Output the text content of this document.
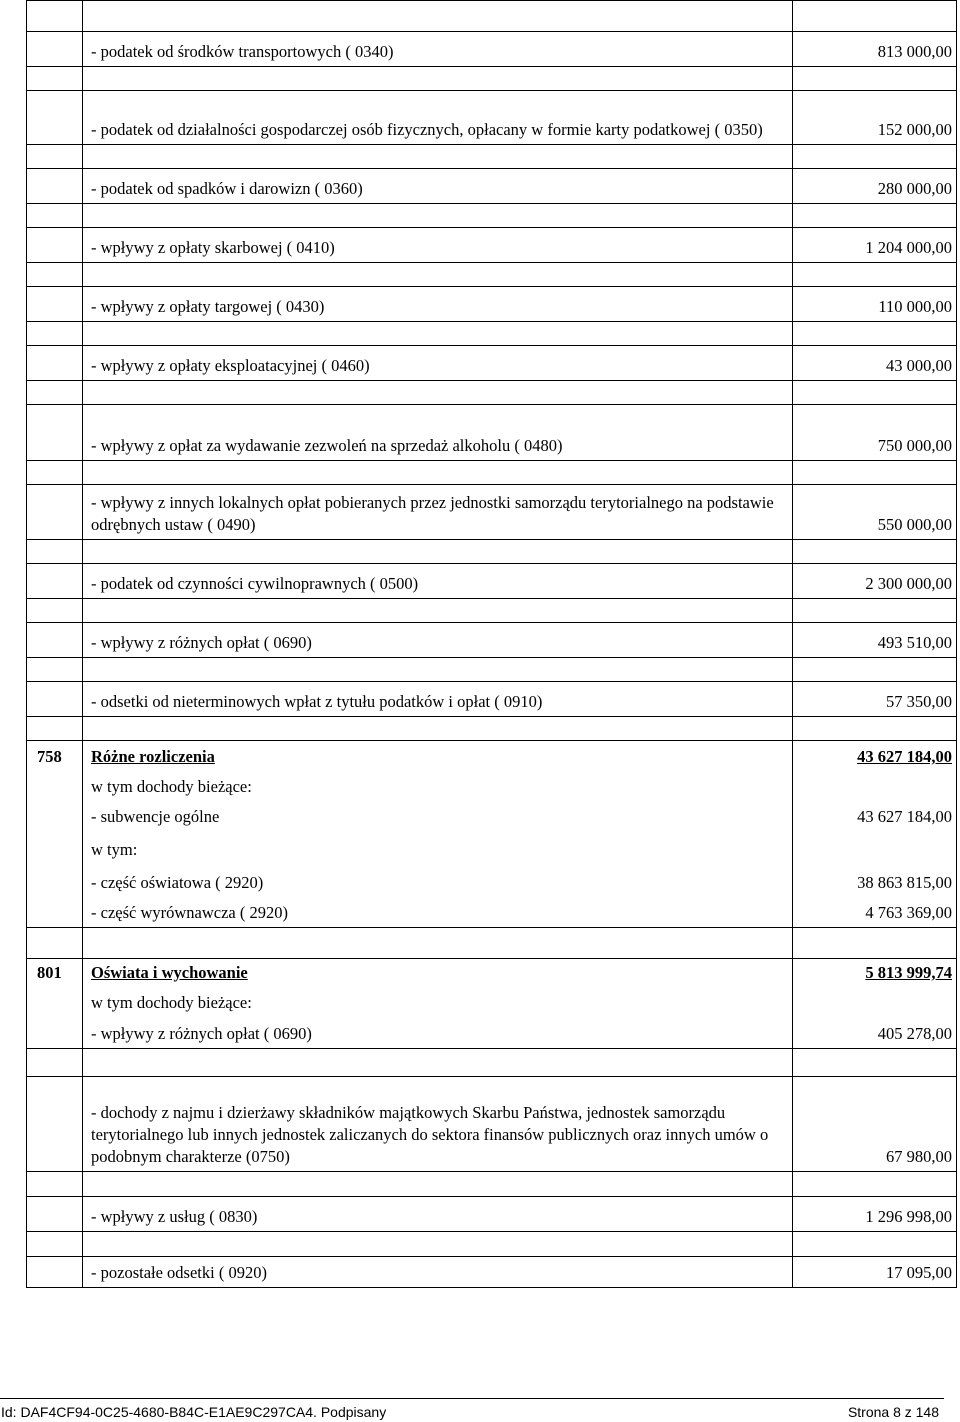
- podatek od środków transportowych ( 0340)	813 000,00
- podatek od działalności gospodarczej osób fizycznych, opłacany w formie karty podatkowej ( 0350)	152 000,00
- podatek od spadków i darowizn ( 0360)	280 000,00
- wpływy z opłaty skarbowej ( 0410)	1 204 000,00
- wpływy z opłaty targowej ( 0430)	110 000,00
- wpływy z opłaty eksploatacyjnej ( 0460)	43 000,00
- wpływy z opłat za wydawanie zezwoleń na sprzedaż alkoholu ( 0480)	750 000,00
- wpływy z innych lokalnych opłat pobieranych przez jednostki samorządu terytorialnego na podstawie odrębnych ustaw ( 0490)	550 000,00
- podatek od czynności cywilnoprawnych ( 0500)	2 300 000,00
- wpływy z różnych opłat ( 0690)	493 510,00
- odsetki od nieterminowych wpłat z tytułu podatków i opłat ( 0910)	57 350,00
758 Różne rozliczenia	43 627 184,00
w tym dochody bieżące:
- subwencje ogólne	43 627 184,00
w tym:
- część oświatowa ( 2920)	38 863 815,00
- część wyrównawcza ( 2920)	4 763 369,00
801 Oświata i wychowanie	5 813 999,74
w tym dochody bieżące:
- wpływy z różnych opłat ( 0690)	405 278,00
- dochody z najmu i dzierżawy składników majątkowych Skarbu Państwa, jednostek samorządu terytorialnego lub innych jednostek zaliczanych do sektora finansów publicznych oraz innych umów o podobnym charakterze (0750)	67 980,00
- wpływy z usług ( 0830)	1 296 998,00
- pozostałe odsetki ( 0920)	17 095,00
Id: DAF4CF94-0C25-4680-B84C-E1AE9C297CA4. Podpisany	Strona 8 z 148
